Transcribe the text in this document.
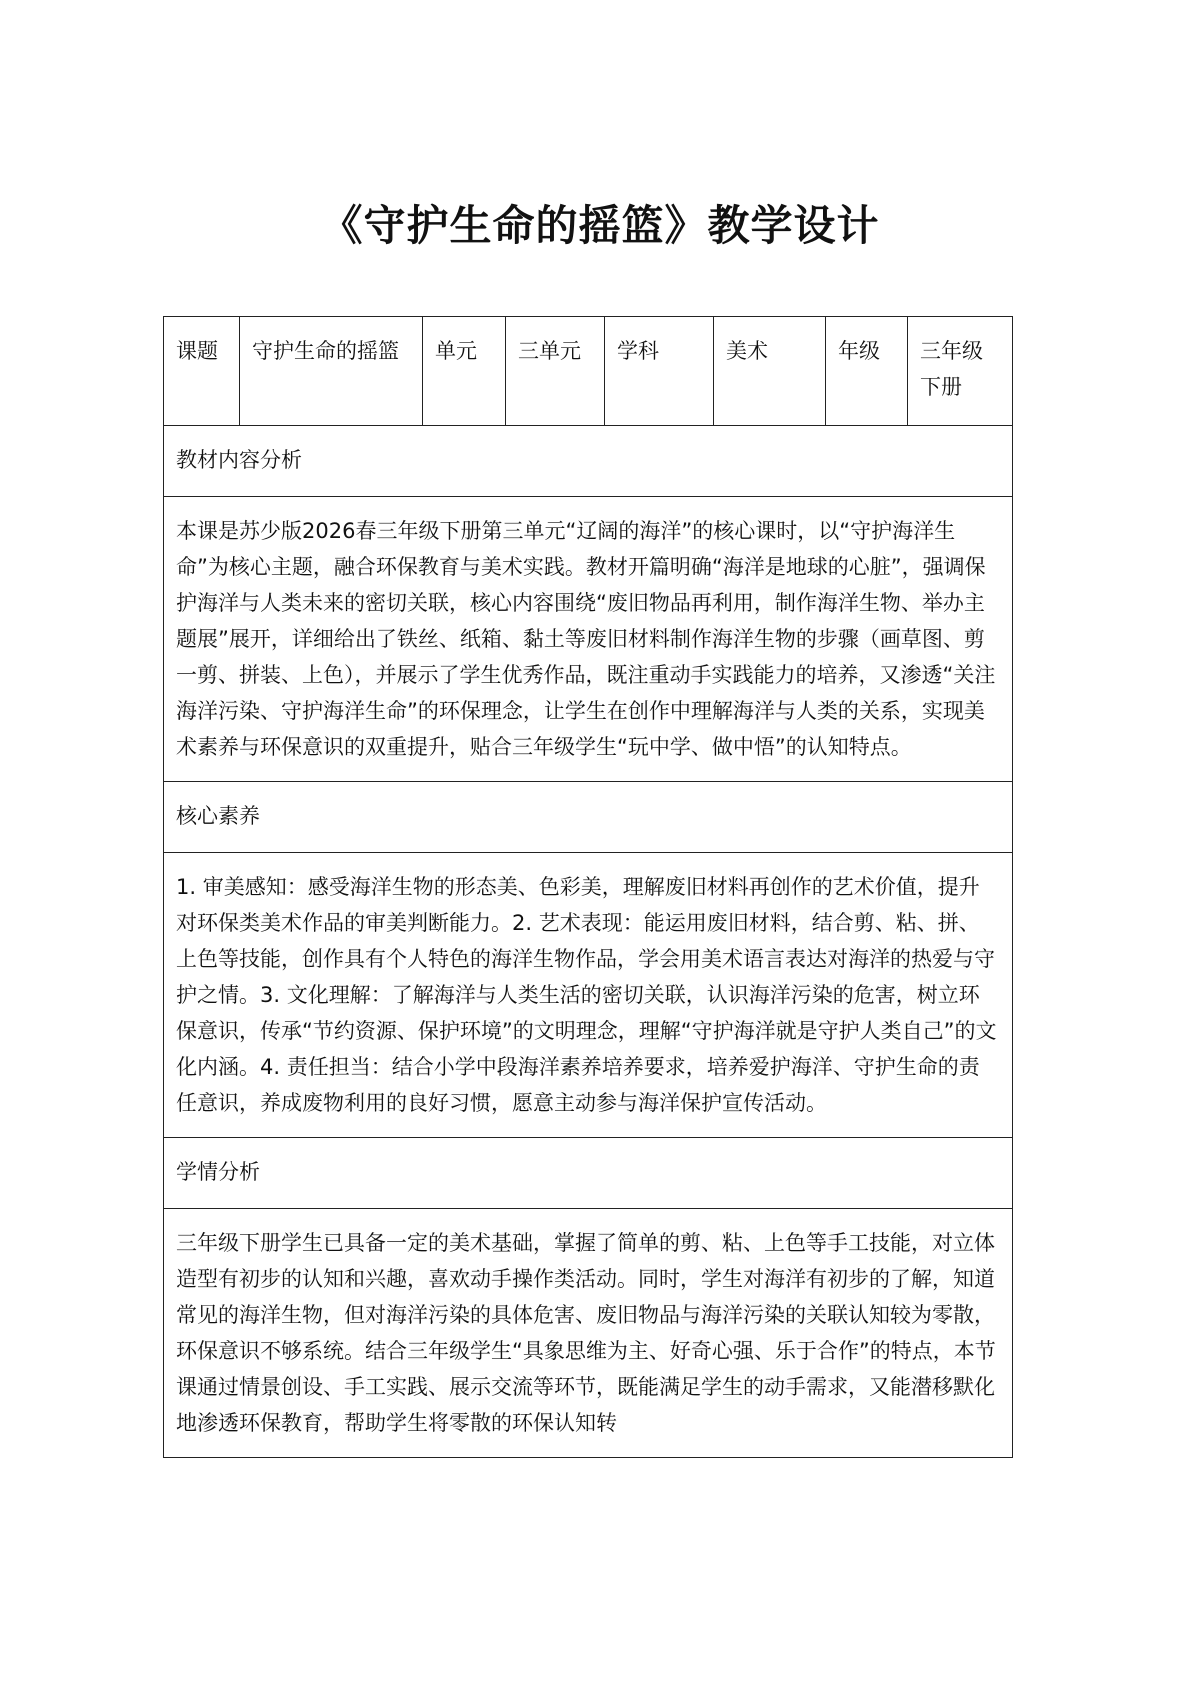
《守护生命的摇篮》教学设计
课题	守护生命的摇篮	单元	三单元	学科	美术	年级	三年级下册
教材内容分析
本课是苏少版2026春三年级下册第三单元“辽阔的海洋”的核心课时，以“守护海洋生命”为核心主题，融合环保教育与美术实践。教材开篇明确“海洋是地球的心脏”，强调保护海洋与人类未来的密切关联，核心内容围绕“废旧物品再利用，制作海洋生物、举办主题展”展开，详细给出了铁丝、纸箱、黏土等废旧材料制作海洋生物的步骤（画草图、剪一剪、拼装、上色），并展示了学生优秀作品，既注重动手实践能力的培养，又渗透“关注海洋污染、守护海洋生命”的环保理念，让学生在创作中理解海洋与人类的关系，实现美术素养与环保意识的双重提升，贴合三年级学生“玩中学、做中悟”的认知特点。
核心素养
1. 审美感知：感受海洋生物的形态美、色彩美，理解废旧材料再创作的艺术价值，提升对环保类美术作品的审美判断能力。2. 艺术表现：能运用废旧材料，结合剪、粘、拼、上色等技能，创作具有个人特色的海洋生物作品，学会用美术语言表达对海洋的热爱与守护之情。3. 文化理解：了解海洋与人类生活的密切关联，认识海洋污染的危害，树立环保意识，传承“节约资源、保护环境”的文明理念，理解“守护海洋就是守护人类自己”的文化内涵。4. 责任担当：结合小学中段海洋素养培养要求，培养爱护海洋、守护生命的责任意识，养成废物利用的良好习惯，愿意主动参与海洋保护宣传活动。
学情分析
三年级下册学生已具备一定的美术基础，掌握了简单的剪、粘、上色等手工技能，对立体造型有初步的认知和兴趣，喜欢动手操作类活动。同时，学生对海洋有初步的了解，知道常见的海洋生物，但对海洋污染的具体危害、废旧物品与海洋污染的关联认知较为零散，环保意识不够系统。结合三年级学生“具象思维为主、好奇心强、乐于合作”的特点，本节课通过情景创设、手工实践、展示交流等环节，既能满足学生的动手需求，又能潜移默化地渗透环保教育，帮助学生将零散的环保认知转
